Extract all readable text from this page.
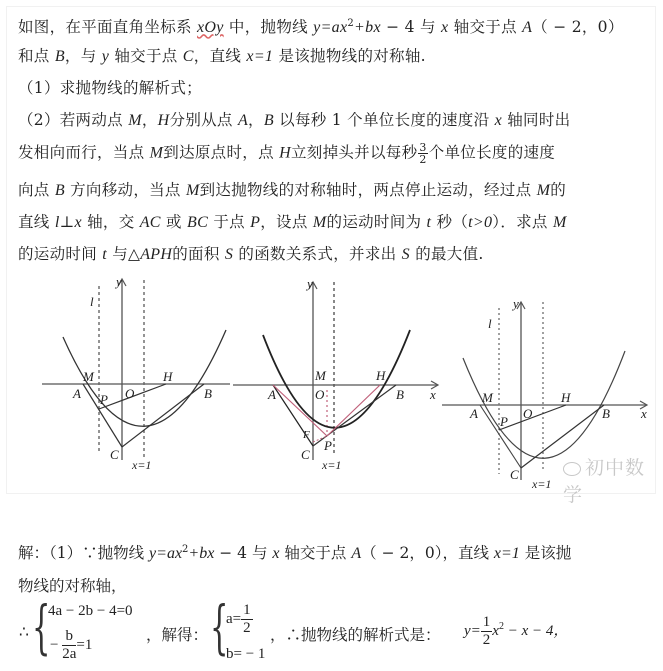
如图，在平面直角坐标系 xOy 中，抛物线 $y=ax^2+bx - 4$ 与 x 轴交于点 A（ − 2，0）
和点 B，与 y 轴交于点 C，直线 x=1 是该抛物线的对称轴.
（1）求抛物线的解析式；
（2）若两动点 M，H分别从点 A，B 以每秒 1 个单位长度的速度沿 x 轴同时出
发相向而行，当点 M到达原点时，点 H立刻掉头并以每秒 $\frac{3}{2}$ 个单位长度的速度
向点 B 方向移动，当点 M到达抛物线的对称轴时，两点停止运动，经过点 M的
直线 l⊥x 轴，交 AC 或 BC 于点 P，设点 M的运动时间为 t 秒（t>0）．求点 M
的运动时间 t 与△APH的面积 S 的函数关系式，并求出 S 的最大值.
y
l
M
A	O
H
B
P
C
x=1
y
M	H
A	O	B x
F
P
C
x=1
y
l
M	H
A	O	B x
P
C
x=1
初中数学
解：（1）∵抛物线 $y=ax^2+bx - 4$ 与 x 轴交于点 A（ − 2，0），直线 x=1 是该抛
物线的对称轴，
∴ {
4a − 2b − 4=0
− $\frac{b}{2a} =1$
，解得： {
$a= \frac{1}{2}$
b= − 1
，∴抛物线的解析式是： $y= \frac{1}{2} x^2 - x - 4$，
